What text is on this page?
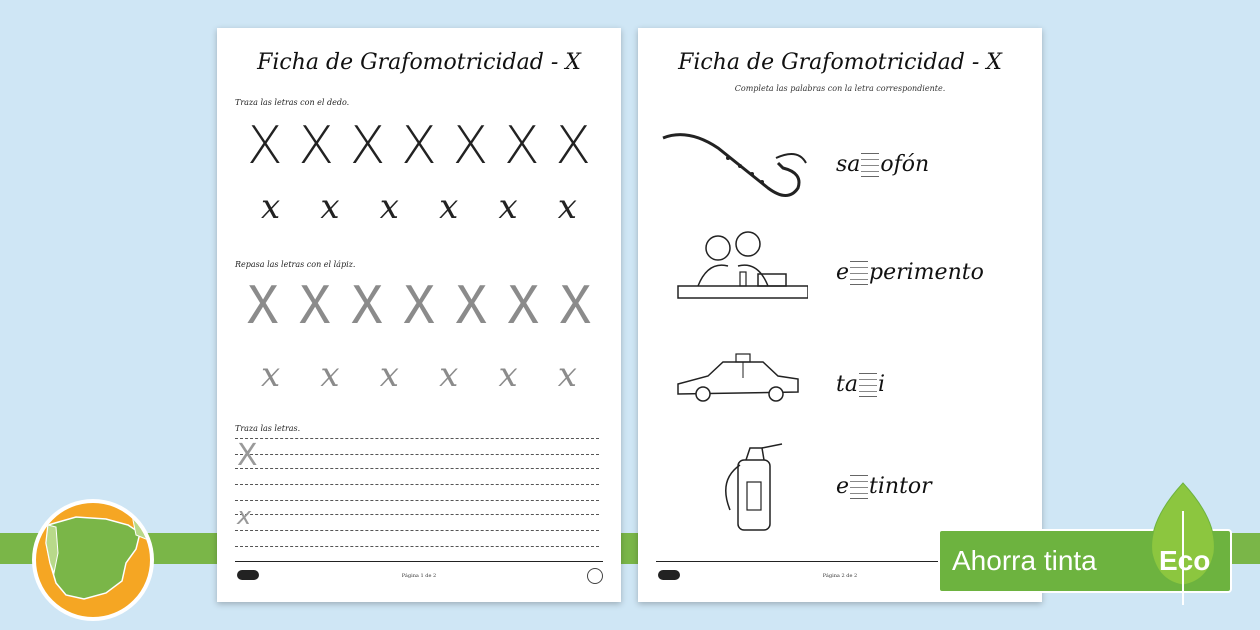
Ficha de Grafomotricidad - X
Traza las letras con el dedo.
X X X X X X X
x x x x x x
Repasa las letras con el lápiz.
X X X X X X X
x x x x x x
Traza las letras.
X
x
Página 1 de 2
Ficha de Grafomotricidad - X
Completa las palabras con la letra correspondiente.
sa ofón
e perimento
ta i
e tintor
Página 2 de 2	Ahorra tinta Eco
